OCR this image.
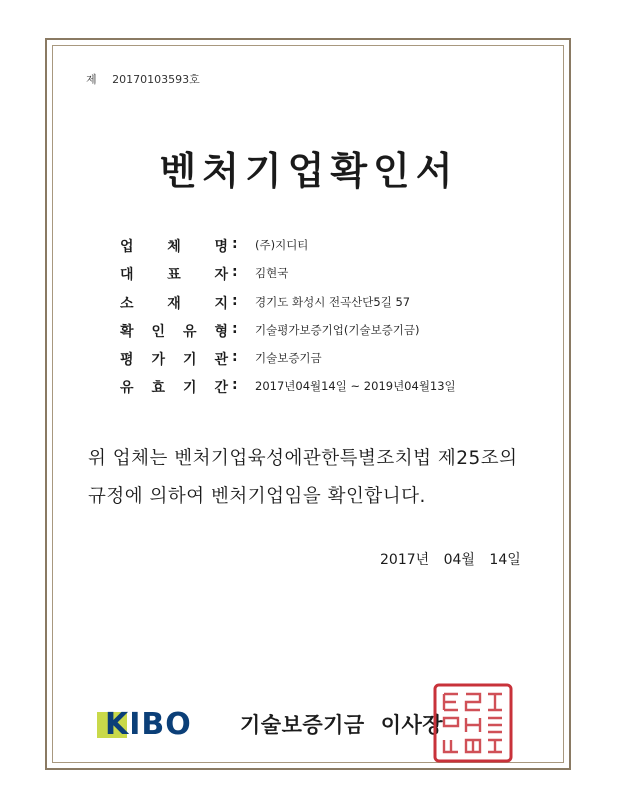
제 20170103593호
벤처기업확인서
업 체 명 : (주)지디티
대 표 자 : 김현국
소 재 지 : 경기도 화성시 전곡산단5길 57
확 인 유 형 : 기술평가보증기업(기술보증기금)
평 가 기 관 : 기술보증기금
유 효 기 간 : 2017년04월14일 ~ 2019년04월13일
위 업체는 벤처기업육성에관한특별조치법 제25조의
규정에 의하여 벤처기업임을 확인합니다.
2017년 04월 14일
KIBO 기술보증기금 이사장
